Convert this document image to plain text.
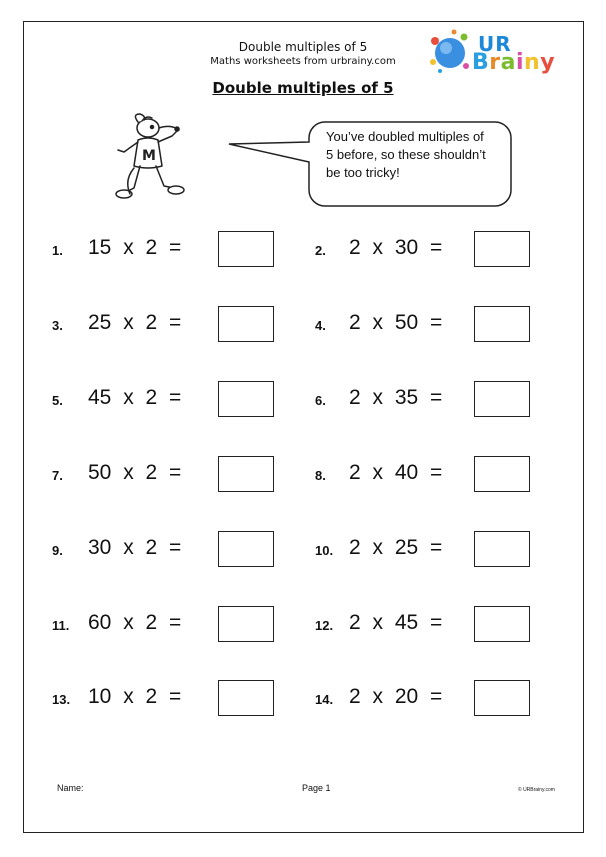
Double multiples of 5
Maths worksheets from urbrainy.com
Double multiples of 5
UR
Brainy
M
You’ve doubled multiples of
5 before, so these shouldn’t
be too tricky!
1. 15 x 2 =
3. 25 x 2 =
5. 45 x 2 =
7. 50 x 2 =
9. 30 x 2 =
11. 60 x 2 =
13. 10 x 2 =
2. 2 x 30 =
4. 2 x 50 =
6. 2 x 35 =
8. 2 x 40 =
10. 2 x 25 =
12. 2 x 45 =
14. 2 x 20 =
Name:	Page 1	© URBrainy.com
